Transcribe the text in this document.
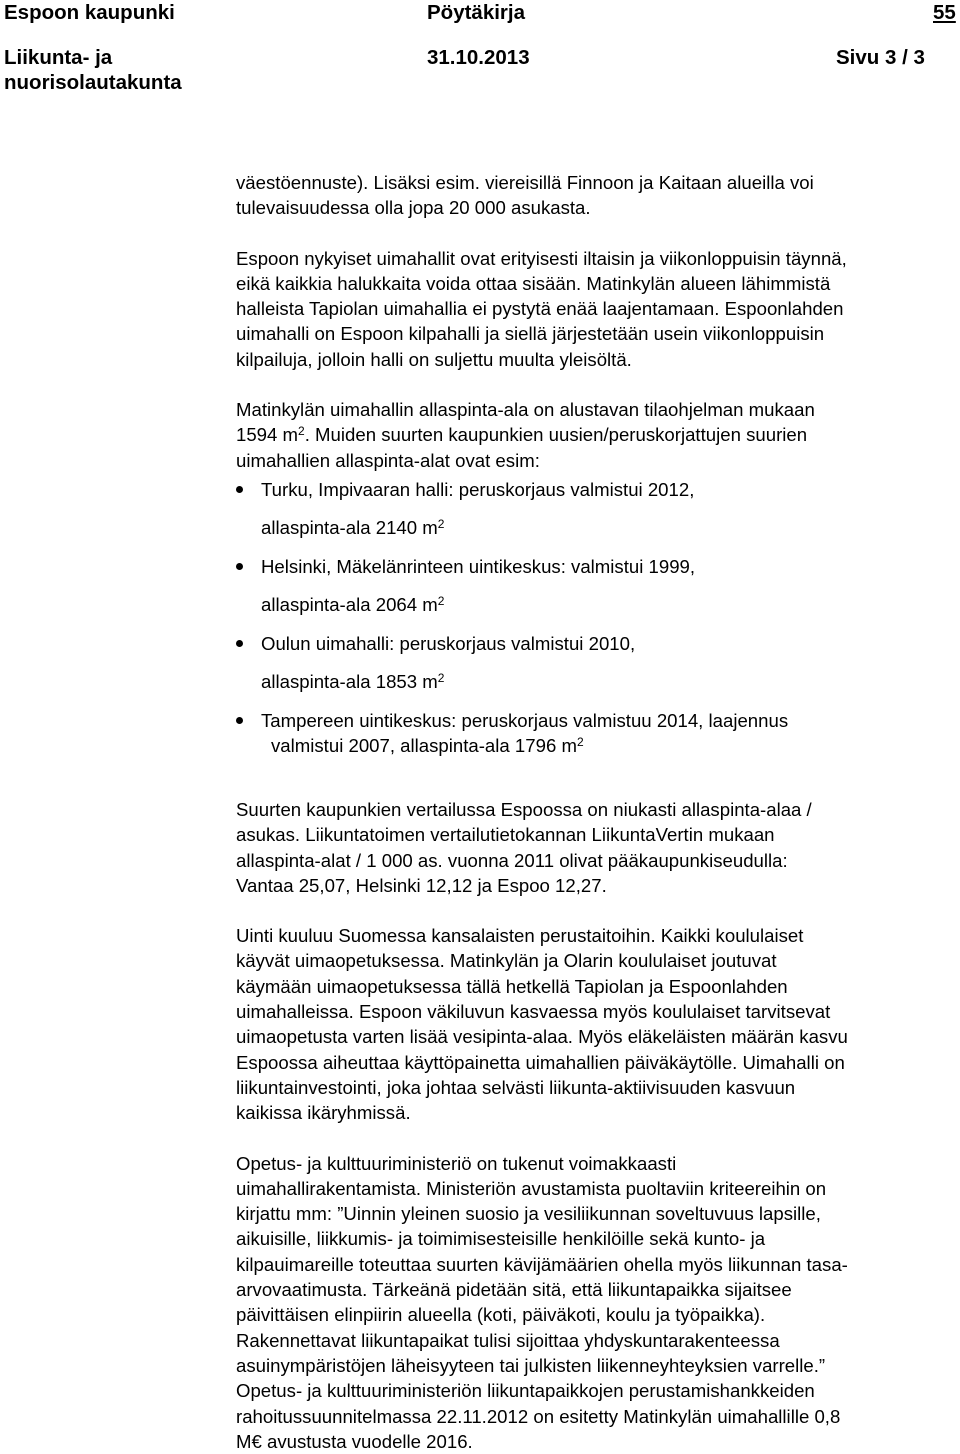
Espoon kaupunki	Pöytäkirja	55
Liikunta- ja
nuorisolautakunta
31.10.2013	Sivu 3 / 3

väestöennuste). Lisäksi esim. viereisillä Finnoon ja Kaitaan alueilla voi

tulevaisuudessa olla jopa 20 000 asukasta.

Espoon nykyiset uimahallit ovat erityisesti iltaisin ja viikonloppuisin täynnä,

eikä kaikkia halukkaita voida ottaa sisään. Matinkylän alueen lähimmistä

halleista Tapiolan uimahallia ei pystytä enää laajentamaan. Espoonlahden

uimahalli on Espoon kilpahalli ja siellä järjestetään usein viikonloppuisin

kilpailuja, jolloin halli on suljettu muulta yleisöltä.

Matinkylän uimahallin allaspinta-ala on alustavan tilaohjelman mukaan

1594 $m^2$. Muiden suurten kaupunkien uusien/peruskorjattujen suurien

uimahallien allaspinta-alat ovat esim:

Turku, Impivaaran halli: peruskorjaus valmistui 2012,
allaspinta-ala 2140 $m^2$
Helsinki, Mäkelänrinteen uintikeskus: valmistui 1999,
allaspinta-ala 2064 $m^2$
Oulun uimahalli: peruskorjaus valmistui 2010,
allaspinta-ala 1853 $m^2$
Tampereen uintikeskus: peruskorjaus valmistuu 2014, laajennus
valmistui 2007, allaspinta-ala 1796 $m^2$

Suurten kaupunkien vertailussa Espoossa on niukasti allaspinta-alaa /

asukas. Liikuntatoimen vertailutietokannan LiikuntaVertin mukaan

allaspinta-alat / 1 000 as. vuonna 2011 olivat pääkaupunkiseudulla:

Vantaa 25,07, Helsinki 12,12 ja Espoo 12,27.

Uinti kuuluu Suomessa kansalaisten perustaitoihin. Kaikki koululaiset

käyvät uimaopetuksessa. Matinkylän ja Olarin koululaiset joutuvat

käymään uimaopetuksessa tällä hetkellä Tapiolan ja Espoonlahden

uimahalleissa. Espoon väkiluvun kasvaessa myös koululaiset tarvitsevat

uimaopetusta varten lisää vesipinta-alaa. Myös eläkeläisten määrän kasvu

Espoossa aiheuttaa käyttöpainetta uimahallien päiväkäytölle. Uimahalli on

liikuntainvestointi, joka johtaa selvästi liikunta-aktiivisuuden kasvuun

kaikissa ikäryhmissä.

Opetus- ja kulttuuriministeriö on tukenut voimakkaasti

uimahallirakentamista. Ministeriön avustamista puoltaviin kriteereihin on

kirjattu mm: ”Uinnin yleinen suosio ja vesiliikunnan soveltuvuus lapsille,

aikuisille, liikkumis- ja toimimisesteisille henkilöille sekä kunto- ja

kilpauimareille toteuttaa suurten kävijämäärien ohella myös liikunnan tasa-

arvovaatimusta. Tärkeänä pidetään sitä, että liikuntapaikka sijaitsee

päivittäisen elinpiirin alueella (koti, päiväkoti, koulu ja työpaikka).

Rakennettavat liikuntapaikat tulisi sijoittaa yhdyskuntarakenteessa

asuinympäristöjen läheisyyteen tai julkisten liikenneyhteyksien varrelle.”

Opetus- ja kulttuuriministeriön liikuntapaikkojen perustamishankkeiden

rahoitussuunnitelmassa 22.11.2012 on esitetty Matinkylän uimahallille 0,8

M€ avustusta vuodelle 2016.
